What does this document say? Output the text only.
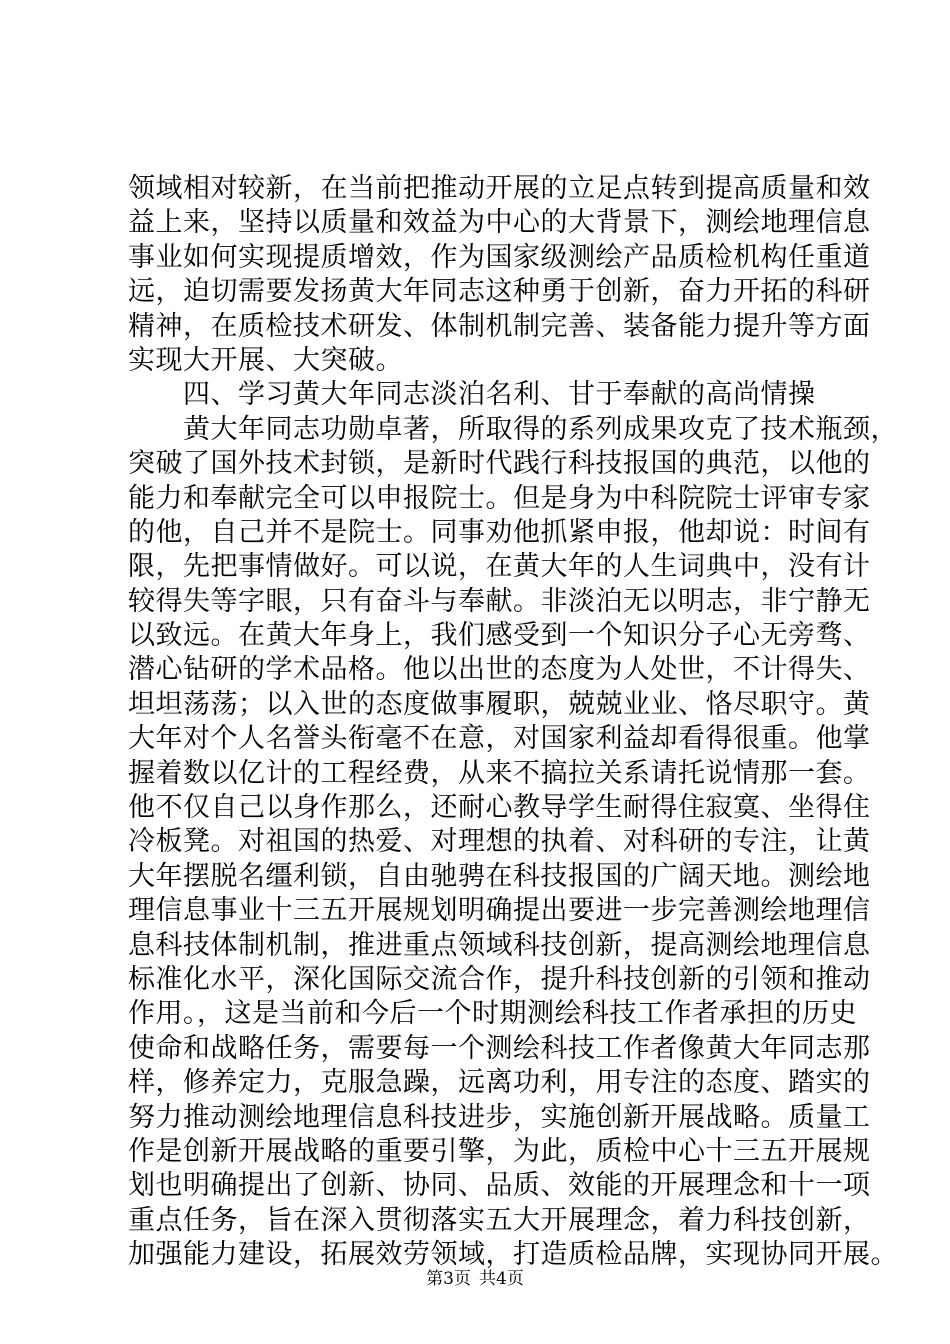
领域相对较新，在当前把推动开展的立足点转到提高质量和效
益上来，坚持以质量和效益为中心的大背景下，测绘地理信息
事业如何实现提质增效，作为国家级测绘产品质检机构任重道
远，迫切需要发扬黄大年同志这种勇于创新，奋力开拓的科研
精神，在质检技术研发、体制机制完善、装备能力提升等方面
实现大开展、大突破。
四、学习黄大年同志淡泊名利、甘于奉献的高尚情操
黄大年同志功勋卓著，所取得的系列成果攻克了技术瓶颈，
突破了国外技术封锁，是新时代践行科技报国的典范，以他的
能力和奉献完全可以申报院士。但是身为中科院院士评审专家
的他，自己并不是院士。同事劝他抓紧申报，他却说：时间有
限，先把事情做好。可以说，在黄大年的人生词典中，没有计
较得失等字眼，只有奋斗与奉献。非淡泊无以明志，非宁静无
以致远。在黄大年身上，我们感受到一个知识分子心无旁骛、
潜心钻研的学术品格。他以出世的态度为人处世，不计得失、
坦坦荡荡；以入世的态度做事履职，兢兢业业、恪尽职守。黄
大年对个人名誉头衔毫不在意，对国家利益却看得很重。他掌
握着数以亿计的工程经费，从来不搞拉关系请托说情那一套。
他不仅自己以身作那么，还耐心教导学生耐得住寂寞、坐得住
冷板凳。对祖国的热爱、对理想的执着、对科研的专注，让黄
大年摆脱名缰利锁，自由驰骋在科技报国的广阔天地。测绘地
理信息事业十三五开展规划明确提出要进一步完善测绘地理信
息科技体制机制，推进重点领域科技创新，提高测绘地理信息
标准化水平，深化国际交流合作，提升科技创新的引领和推动
作用。，这是当前和今后一个时期测绘科技工作者承担的历史
使命和战略任务，需要每一个测绘科技工作者像黄大年同志那
样，修养定力，克服急躁，远离功利，用专注的态度、踏实的
努力推动测绘地理信息科技进步，实施创新开展战略。质量工
作是创新开展战略的重要引擎，为此，质检中心十三五开展规
划也明确提出了创新、协同、品质、效能的开展理念和十一项
重点任务，旨在深入贯彻落实五大开展理念，着力科技创新，
加强能力建设，拓展效劳领域，打造质检品牌，实现协同开展。
第3页 共4页
